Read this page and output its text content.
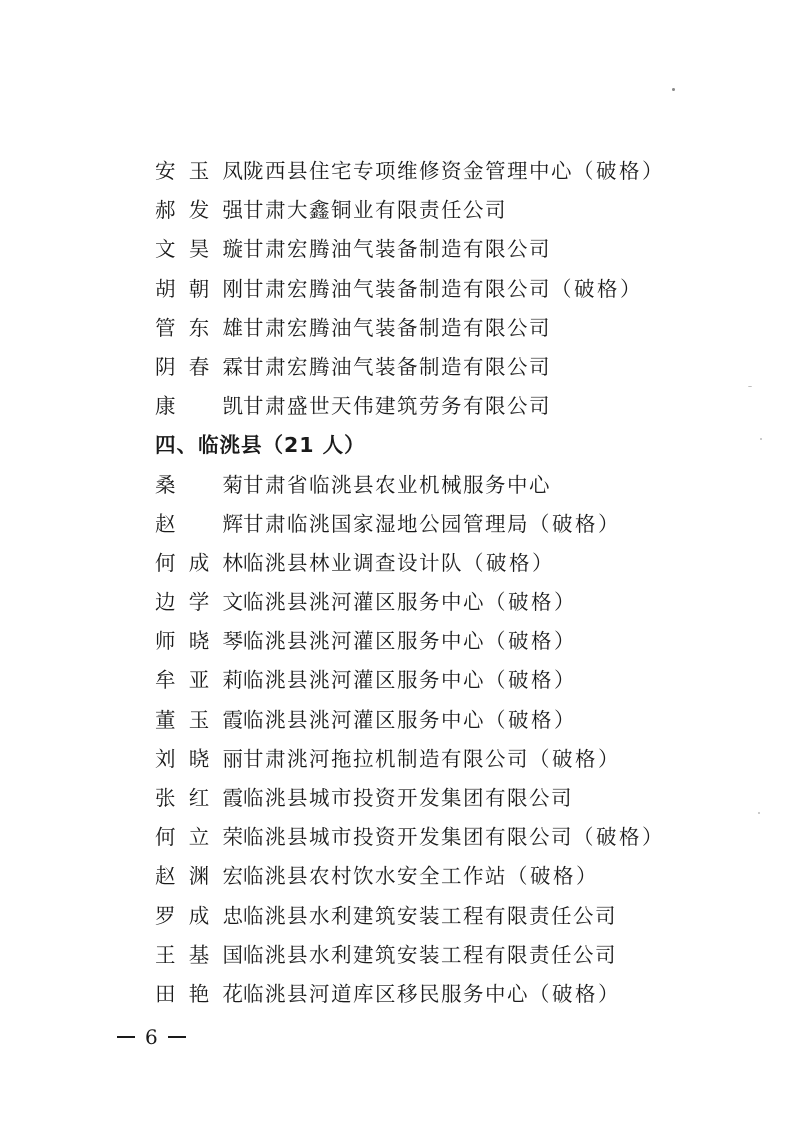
安玉凤陇西县住宅专项维修资金管理中心（破格）
郝发强甘肃大鑫铜业有限责任公司
文昊璇甘肃宏腾油气装备制造有限公司
胡朝刚甘肃宏腾油气装备制造有限公司（破格）
管东雄甘肃宏腾油气装备制造有限公司
阴春霖甘肃宏腾油气装备制造有限公司
康凯甘肃盛世天伟建筑劳务有限公司
四、临洮县（21 人）
桑菊甘肃省临洮县农业机械服务中心
赵辉甘肃临洮国家湿地公园管理局（破格）
何成林临洮县林业调查设计队（破格）
边学文临洮县洮河灌区服务中心（破格）
师晓琴临洮县洮河灌区服务中心（破格）
牟亚莉临洮县洮河灌区服务中心（破格）
董玉霞临洮县洮河灌区服务中心（破格）
刘晓丽甘肃洮河拖拉机制造有限公司（破格）
张红霞临洮县城市投资开发集团有限公司
何立荣临洮县城市投资开发集团有限公司（破格）
赵渊宏临洮县农村饮水安全工作站（破格）
罗成忠临洮县水利建筑安装工程有限责任公司
王基国临洮县水利建筑安装工程有限责任公司
田艳花临洮县河道库区移民服务中心（破格）
6
